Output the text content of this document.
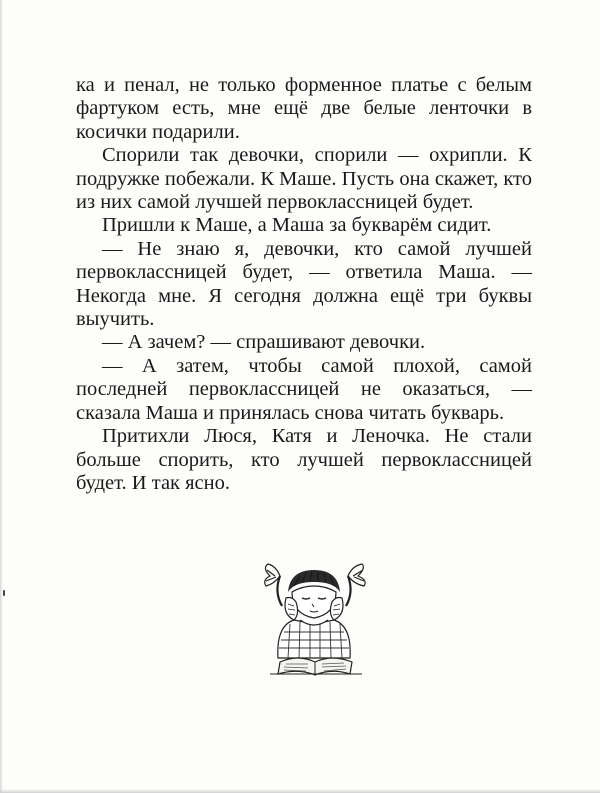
ка и пенал, не только форменное платье с белым фартуком есть, мне ещё две белые ленточки в косички подарили.

Спорили так девочки, спорили — охрипли. К подружке побежали. К Маше. Пусть она скажет, кто из них самой лучшей первоклассницей будет.

Пришли к Маше, а Маша за букварём сидит.

— Не знаю я, девочки, кто самой лучшей первоклассницей будет, — ответила Маша. — Некогда мне. Я сегодня должна ещё три буквы выучить.

— А зачем? — спрашивают девочки.

— А затем, чтобы самой плохой, самой последней первоклассницей не оказаться, — сказала Маша и принялась снова читать букварь.

Притихли Люся, Катя и Леночка. Не стали больше спорить, кто лучшей первоклассницей будет. И так ясно.
